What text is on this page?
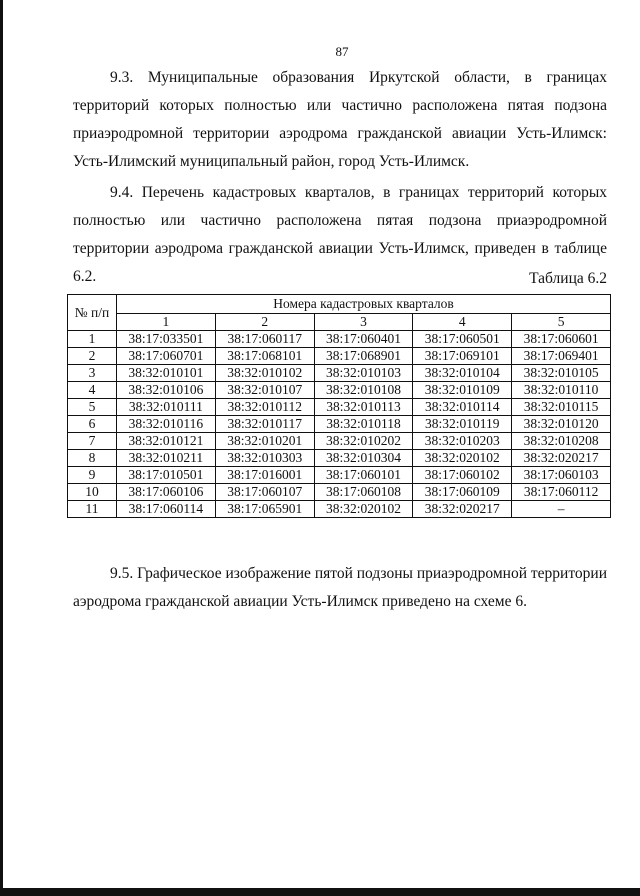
87

9.3. Муниципальные образования Иркутской области, в границах территорий которых полностью или частично расположена пятая подзона приаэродромной территории аэродрома гражданской авиации Усть-Илимск: Усть-Илимский муниципальный район, город Усть-Илимск.

9.4. Перечень кадастровых кварталов, в границах территорий которых полностью или частично расположена пятая подзона приаэродромной территории аэродрома гражданской авиации Усть-Илимск, приведен в таблице 6.2.	Таблица 6.2
№ п/п	Номера кадастровых кварталов				
	1	2	3	4	5
1	38:17:033501	38:17:060117	38:17:060401	38:17:060501	38:17:060601
2	38:17:060701	38:17:068101	38:17:068901	38:17:069101	38:17:069401
3	38:32:010101	38:32:010102	38:32:010103	38:32:010104	38:32:010105
4	38:32:010106	38:32:010107	38:32:010108	38:32:010109	38:32:010110
5	38:32:010111	38:32:010112	38:32:010113	38:32:010114	38:32:010115
6	38:32:010116	38:32:010117	38:32:010118	38:32:010119	38:32:010120
7	38:32:010121	38:32:010201	38:32:010202	38:32:010203	38:32:010208
8	38:32:010211	38:32:010303	38:32:010304	38:32:020102	38:32:020217
9	38:17:010501	38:17:016001	38:17:060101	38:17:060102	38:17:060103
10	38:17:060106	38:17:060107	38:17:060108	38:17:060109	38:17:060112
11	38:17:060114	38:17:065901	38:32:020102	38:32:020217	–

9.5. Графическое изображение пятой подзоны приаэродромной территории аэродрома гражданской авиации Усть-Илимск приведено на схеме 6.
